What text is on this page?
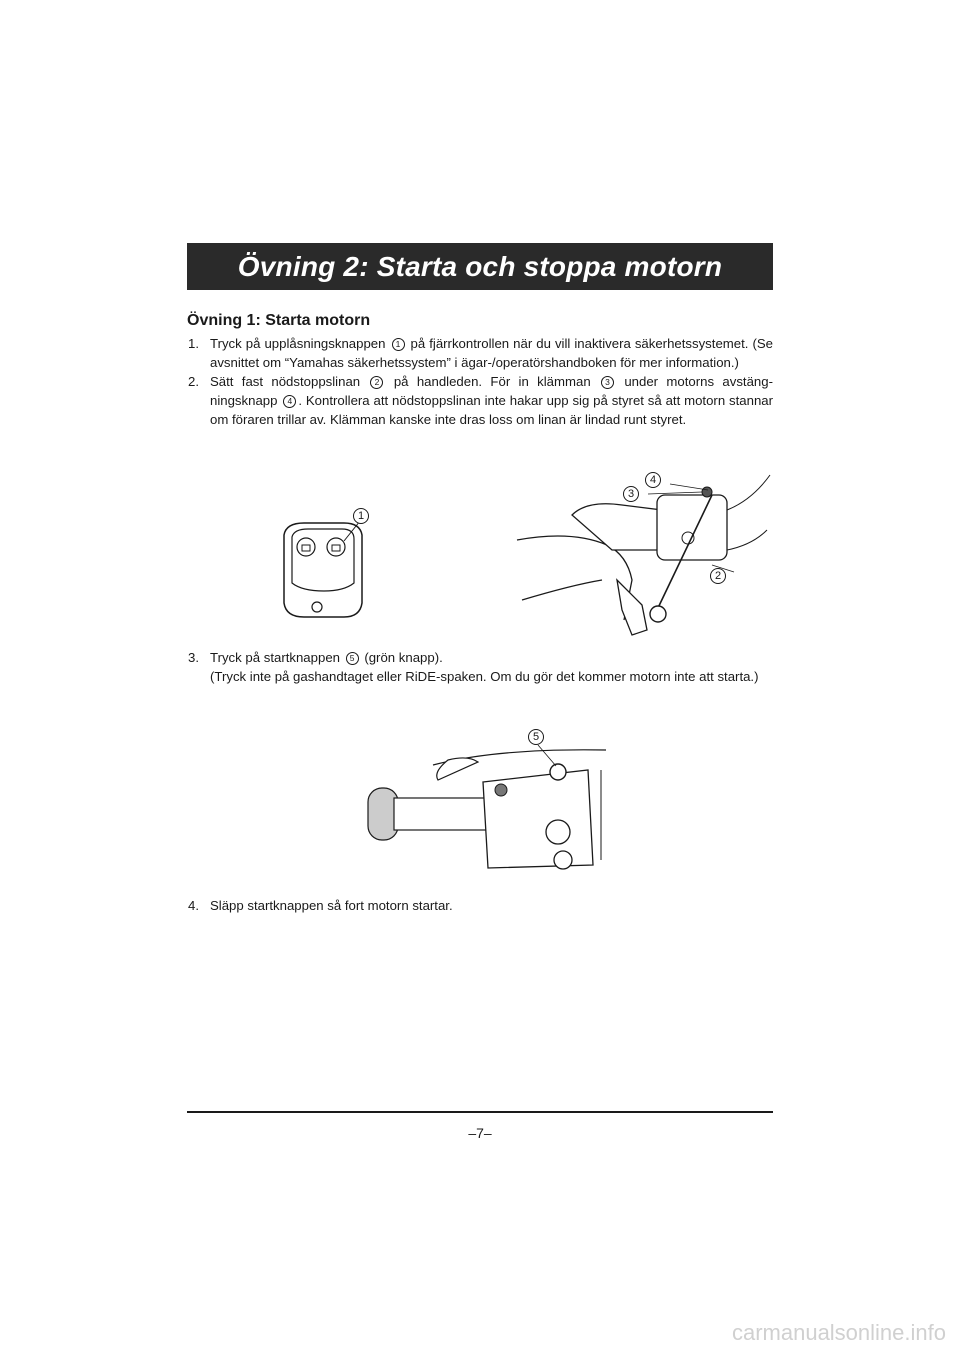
Övning 2: Starta och stoppa motorn
Övning 1: Starta motorn
1. Tryck på upplåsningsknappen 1 på fjärrkontrollen när du vill inaktivera säkerhetssystemet. (Se avsnittet om “Yamahas säkerhetssystem” i ägar-/operatörshandboken för mer information.)
2. Sätt fast nödstoppslinan 2 på handleden. För in klämman 3 under motorns avstängningsknapp 4 . Kontrollera att nödstoppslinan inte hakar upp sig på styret så att motorn stannar om föraren trillar av. Klämman kanske inte dras loss om linan är lindad runt styret.
1
3
4
2
3. Tryck på startknappen 5 (grön knapp).
(Tryck inte på gashandtaget eller RiDE-spaken. Om du gör det kommer motorn inte att starta.)
5
4. Släpp startknappen så fort motorn startar.
–7–
carmanualsonline.info
